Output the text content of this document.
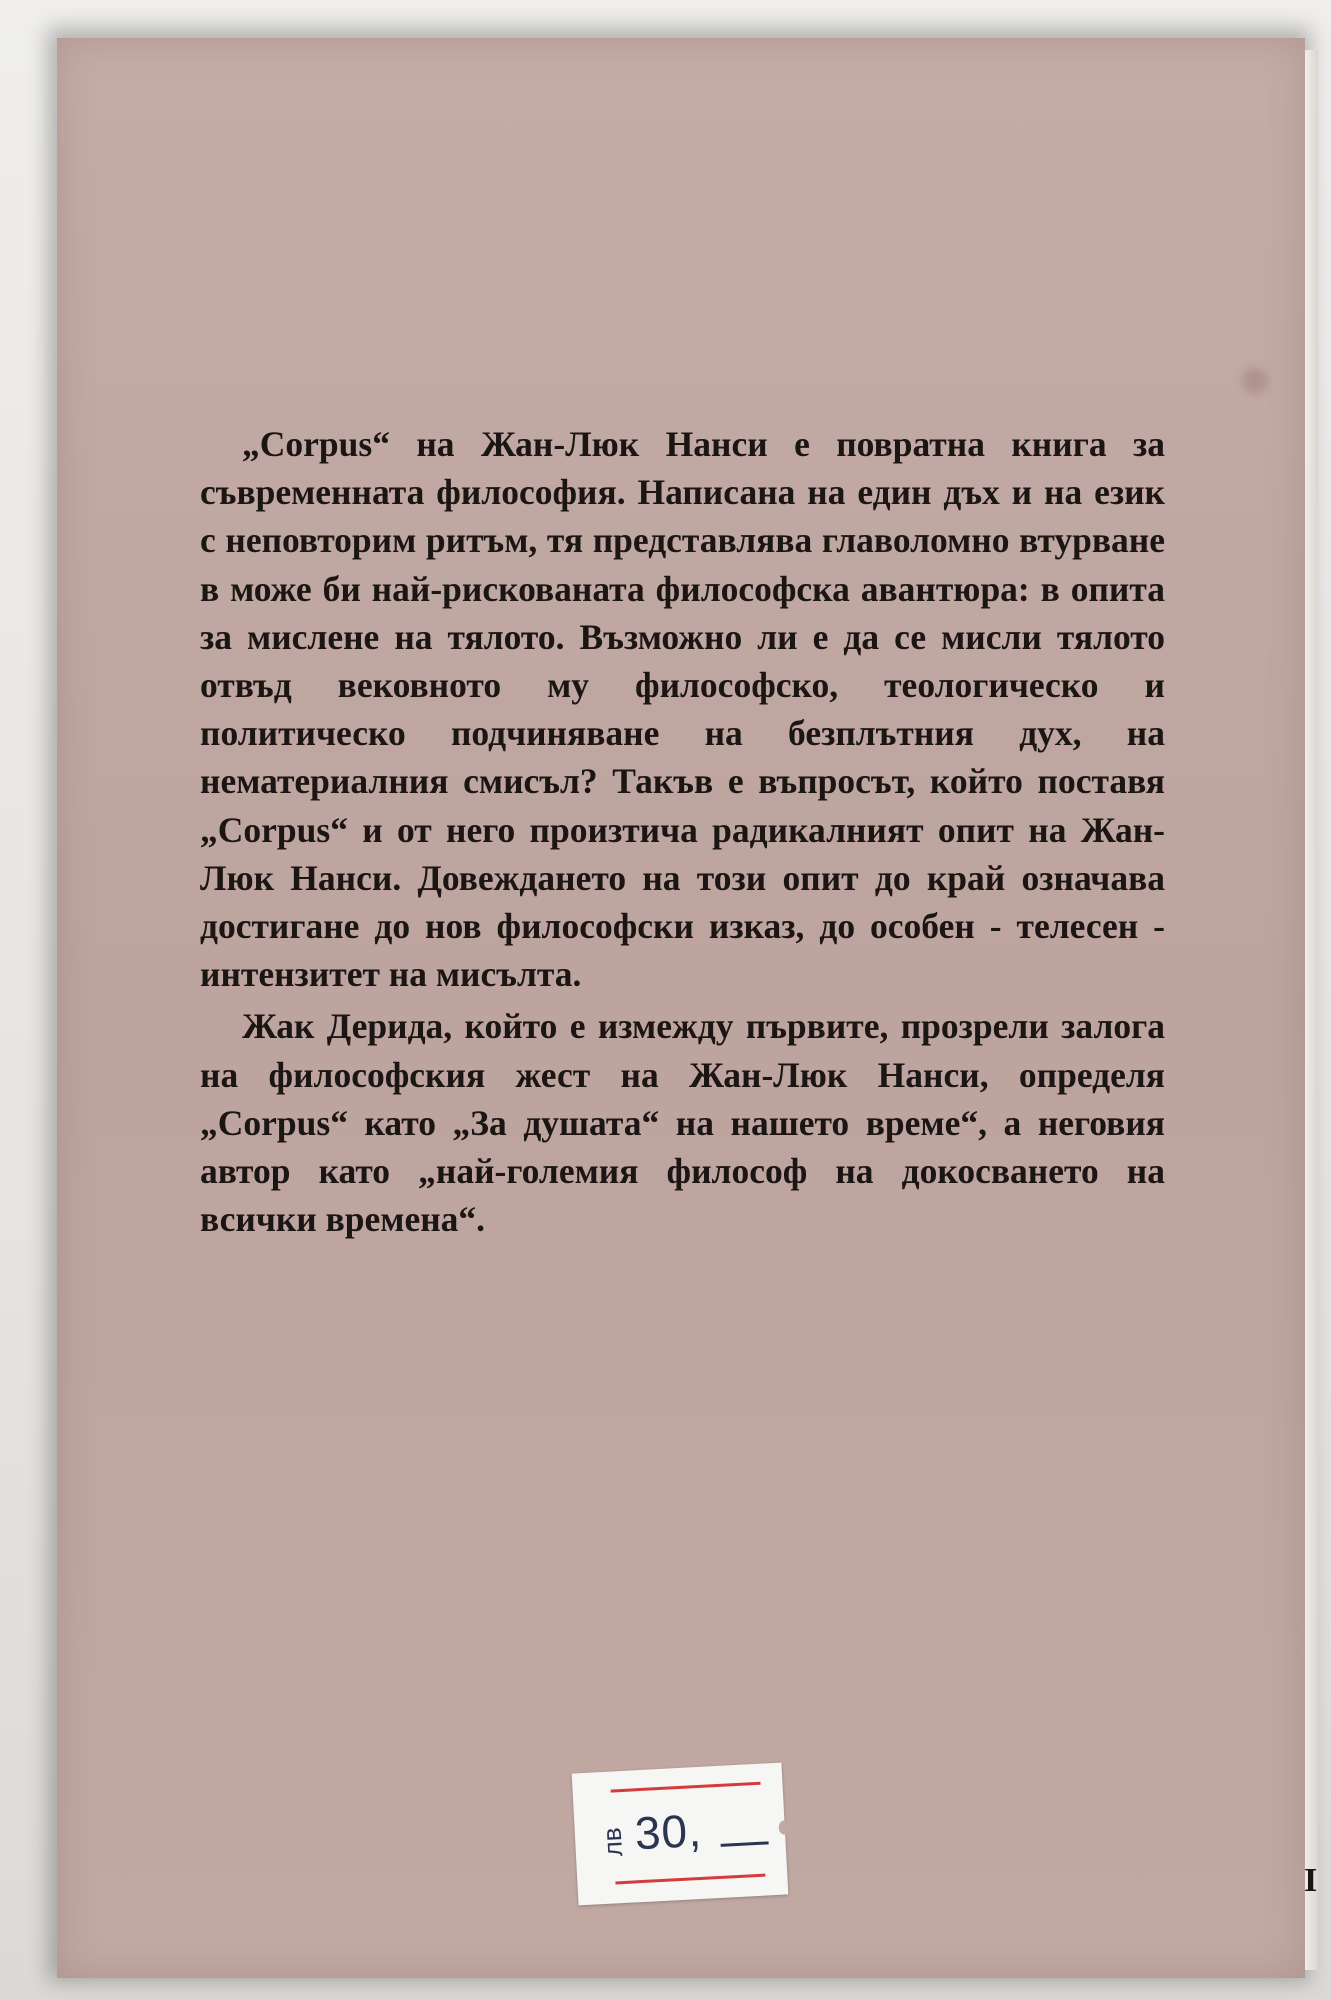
„Corpus“ на Жан-Люк Нанси е повратна книга за съвременната философия. Написана на един дъх и на език с неповторим ритъм, тя представлява главоломно втурване в може би най-рискованата философска авантюра: в опита за мислене на тялото. Възможно ли е да се мисли тялото отвъд вековното му философско, теологическо и политическо подчиняване на безплътния дух, на нематериалния смисъл? Такъв е въпросът, който поставя „Corpus“ и от него произтича радикалният опит на Жан-Люк Нанси. Довеждането на този опит до край означава достигане до нов философски изказ, до особен - телесен - интензитет на мисълта.

Жак Дерида, който е измежду първите, прозрели залога на философския жест на Жан-Люк Нанси, определя „Corpus“ като „За душата“ на нашето време“, а неговия автор като „най-големия философ на докосването на всички времена“.

лв 30,
I
